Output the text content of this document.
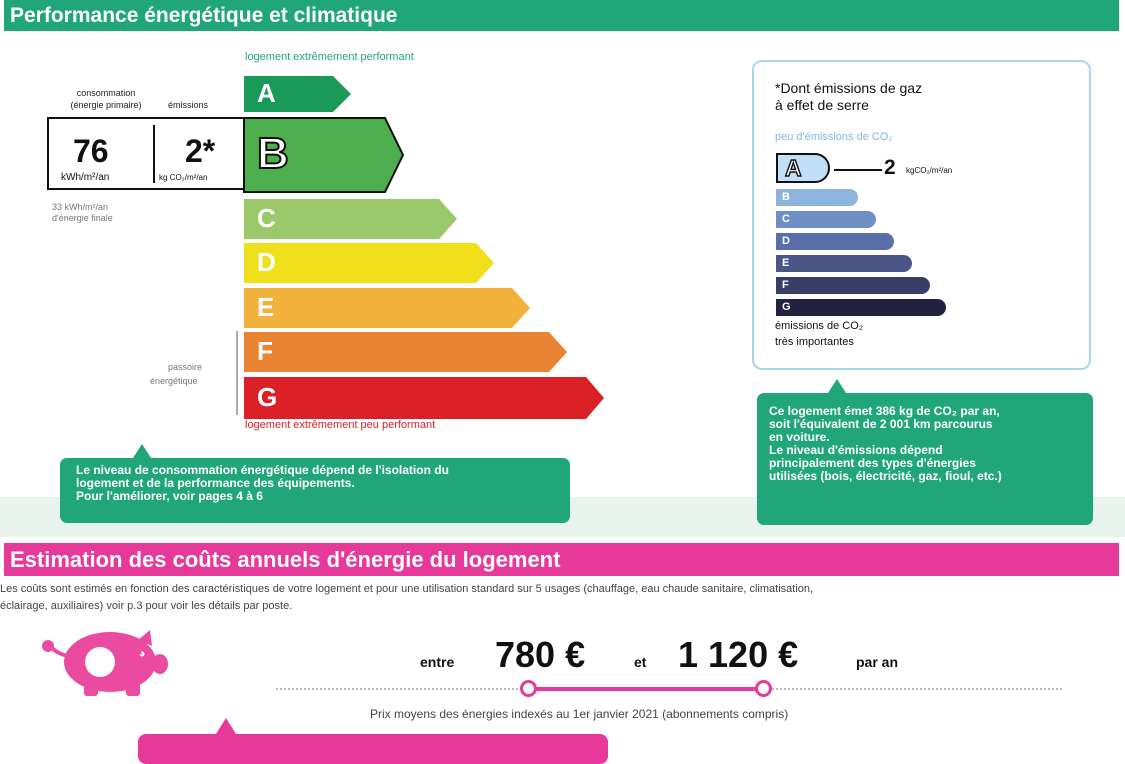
Performance énergétique et climatique
logement extrêmement performant
consommation
(énergie primaire)	émissions
76
kWh/m²/an
2*
kg CO₂/m²/an
33 kWh/m²/an
d'énergie finale
passoire
énergétique
A
B
C
D
E
F
G
logement extrêmement peu performant
*Dont émissions de gaz
à effet de serre
peu d'émissions de CO₂
A	2 kgCO₂/m²/an
B
C
D
E
F
G
émissions de CO₂
très importantes
Le niveau de consommation énergétique dépend de l'isolation du
logement et de la performance des équipements.
Pour l'améliorer, voir pages 4 à 6
Ce logement émet 386 kg de CO₂ par an,
soit l'équivalent de 2 001 km parcourus
en voiture.
Le niveau d'émissions dépend
principalement des types d'énergies
utilisées (bois, électricité, gaz, fioul, etc.)
Estimation des coûts annuels d'énergie du logement
Les coûts sont estimés en fonction des caractéristiques de votre logement et pour une utilisation standard sur 5 usages (chauffage, eau chaude sanitaire, climatisation,
éclairage, auxiliaires) voir p.3 pour voir les détails par poste.
€	entre 780 €	et 1 120 €	par an
Prix moyens des énergies indexés au 1er janvier 2021 (abonnements compris)
